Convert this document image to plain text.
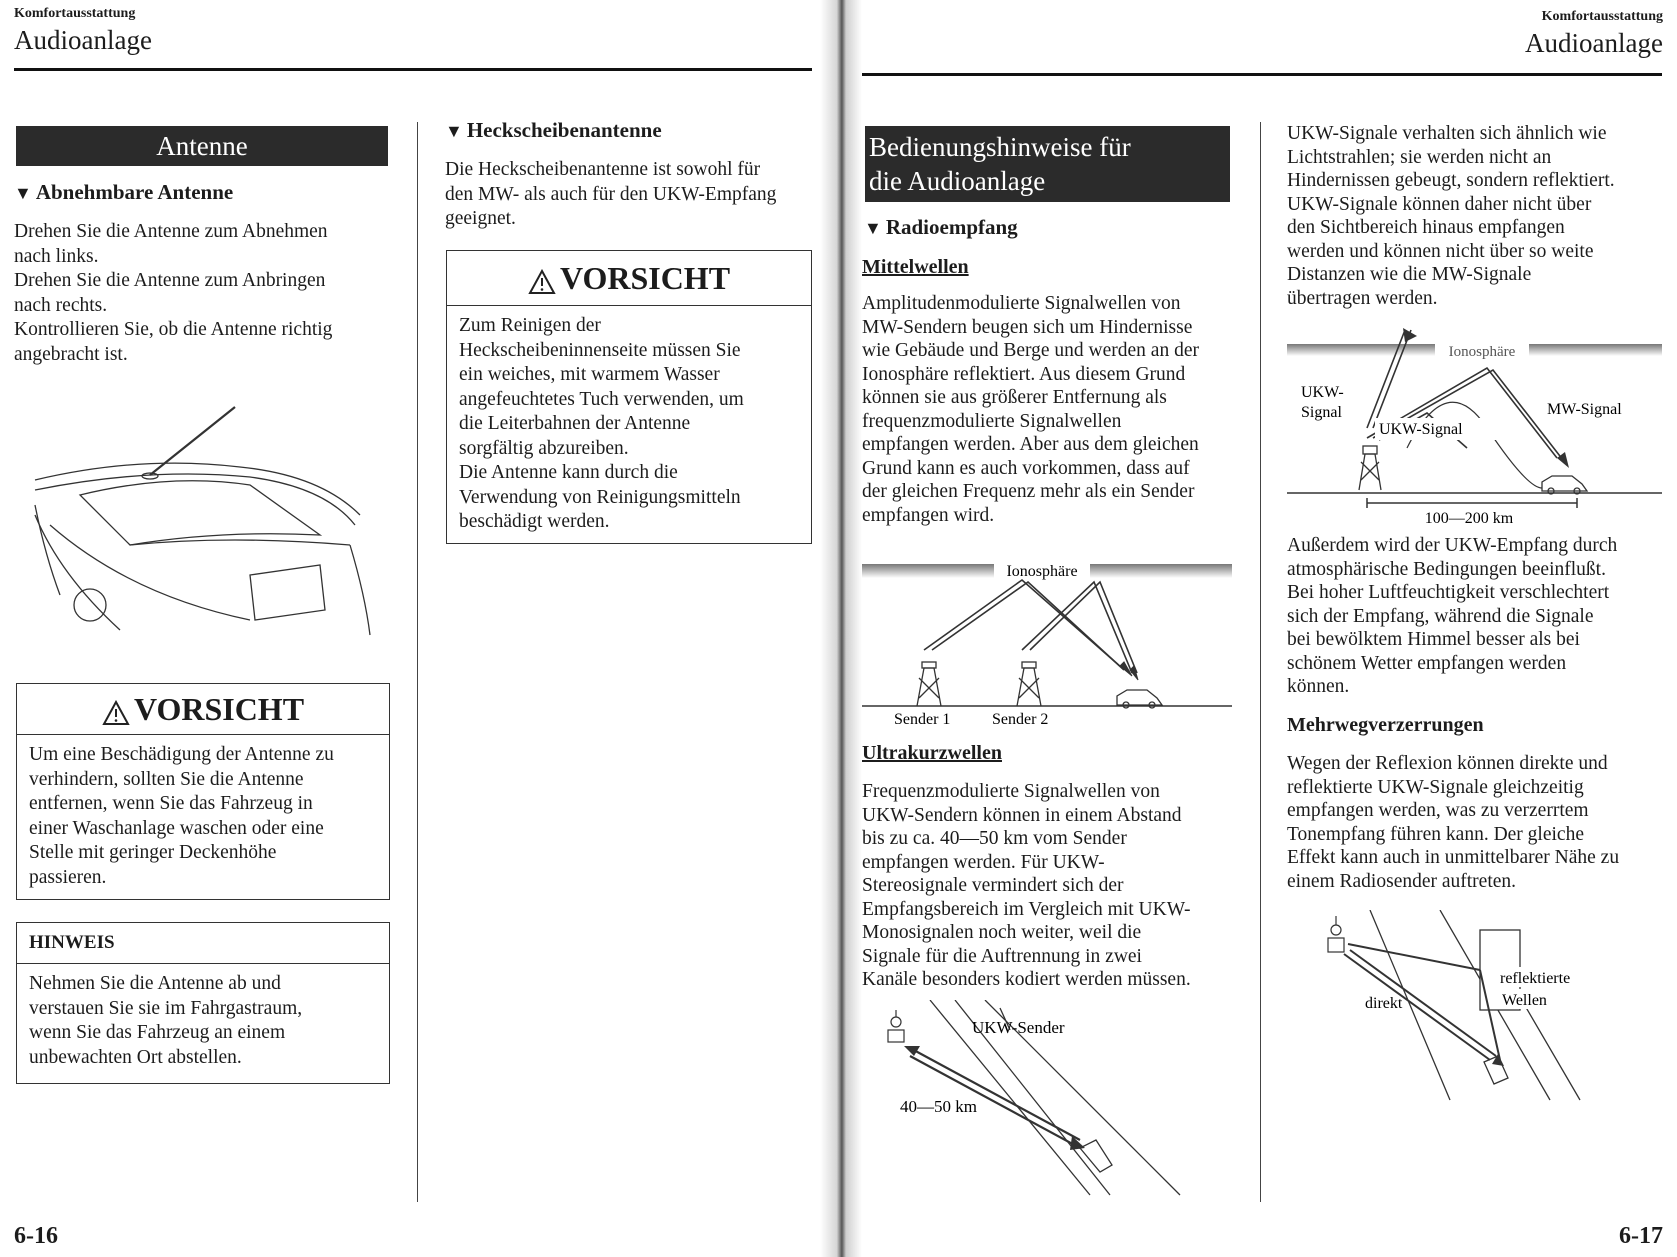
Komfortausstattung
Audioanlage
Antenne
▼ Abnehmbare Antenne
Drehen Sie die Antenne zum Abnehmen
nach links.
Drehen Sie die Antenne zum Anbringen
nach rechts.
Kontrollieren Sie, ob die Antenne richtig
angebracht ist.
VORSICHT
Um eine Beschädigung der Antenne zu
verhindern, sollten Sie die Antenne
entfernen, wenn Sie das Fahrzeug in
einer Waschanlage waschen oder eine
Stelle mit geringer Deckenhöhe
passieren.
HINWEIS
Nehmen Sie die Antenne ab und
verstauen Sie sie im Fahrgastraum,
wenn Sie das Fahrzeug an einem
unbewachten Ort abstellen.
▼ Heckscheibenantenne
Die Heckscheibenantenne ist sowohl für
den MW- als auch für den UKW-Empfang
geeignet.
VORSICHT
Zum Reinigen der
Heckscheibeninnenseite müssen Sie
ein weiches, mit warmem Wasser
angefeuchtetes Tuch verwenden, um
die Leiterbahnen der Antenne
sorgfältig abzureiben.
Die Antenne kann durch die
Verwendung von Reinigungsmitteln
beschädigt werden.
6-16
Komfortausstattung
Audioanlage
Bedienungshinweise für
die Audioanlage
▼ Radioempfang
Mittelwellen
Amplitudenmodulierte Signalwellen von
MW-Sendern beugen sich um Hindernisse
wie Gebäude und Berge und werden an der
Ionosphäre reflektiert. Aus diesem Grund
können sie aus größerer Entfernung als
frequenzmodulierte Signalwellen
empfangen werden. Aber aus dem gleichen
Grund kann es auch vorkommen, dass auf
der gleichen Frequenz mehr als ein Sender
empfangen wird.
Ionosphäre
Sender 1	Sender 2
Ultrakurzwellen
Frequenzmodulierte Signalwellen von
UKW-Sendern können in einem Abstand
bis zu ca. 40—50 km vom Sender
empfangen werden. Für UKW-
Stereosignale vermindert sich der
Empfangsbereich im Vergleich mit UKW-
Monosignalen noch weiter, weil die
Signale für die Auftrennung in zwei
Kanäle besonders kodiert werden müssen.
UKW-Sender
40—50 km
UKW-Signale verhalten sich ähnlich wie
Lichtstrahlen; sie werden nicht an
Hindernissen gebeugt, sondern reflektiert.
UKW-Signale können daher nicht über
den Sichtbereich hinaus empfangen
werden und können nicht über so weite
Distanzen wie die MW-Signale
übertragen werden.
Ionosphäre
UKW-
Signal	MW-Signal
UKW-Signal
100—200 km
Außerdem wird der UKW-Empfang durch
atmosphärische Bedingungen beeinflußt.
Bei hoher Luftfeuchtigkeit verschlechtert
sich der Empfang, während die Signale
bei bewölktem Himmel besser als bei
schönem Wetter empfangen werden
können.
Mehrwegverzerrungen
Wegen der Reflexion können direkte und
reflektierte UKW-Signale gleichzeitig
empfangen werden, was zu verzerrtem
Tonempfang führen kann. Der gleiche
Effekt kann auch in unmittelbarer Nähe zu
einem Radiosender auftreten.
reflektierte
Wellen
direkt
6-17
